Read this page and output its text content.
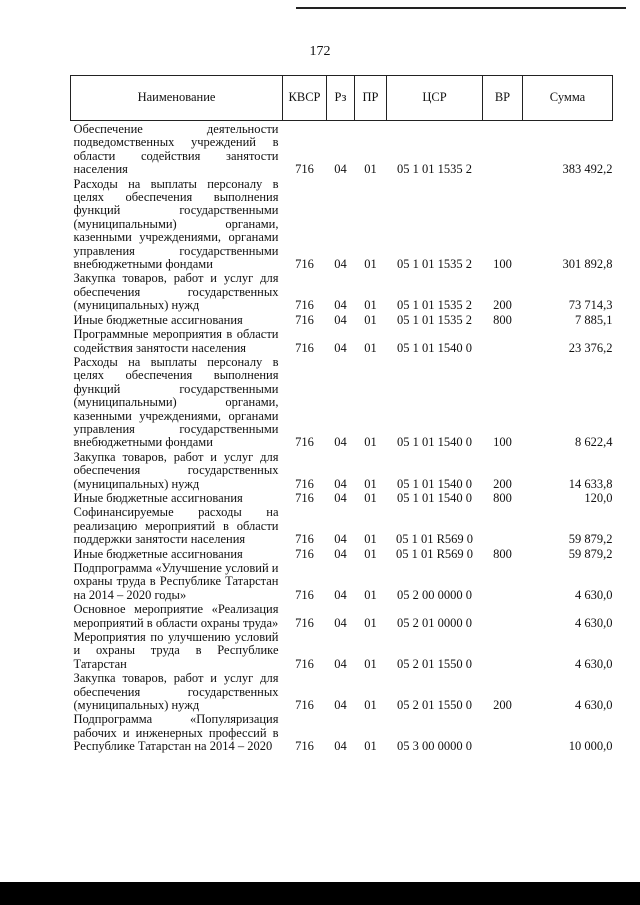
172
Наименование	КВСР	Рз	ПР	ЦСР	ВР	Сумма
Обеспечение деятельности подведомственных учреждений в области содействия занятости населения	716	04	01	05 1 01 1535 2		383 492,2
Расходы на выплаты персоналу в целях обеспечения выполнения функций государственными (муниципальными) органами, казенными учреждениями, органами управления государственными внебюджетными фондами	716	04	01	05 1 01 1535 2	100	301 892,8
Закупка товаров, работ и услуг для обеспечения государственных (муниципальных) нужд	716	04	01	05 1 01 1535 2	200	73 714,3
Иные бюджетные ассигнования	716	04	01	05 1 01 1535 2	800	7 885,1
Программные мероприятия в области содействия занятости населения	716	04	01	05 1 01 1540 0		23 376,2
Расходы на выплаты персоналу в целях обеспечения выполнения функций государственными (муниципальными) органами, казенными учреждениями, органами управления государственными внебюджетными фондами	716	04	01	05 1 01 1540 0	100	8 622,4
Закупка товаров, работ и услуг для обеспечения государственных (муниципальных) нужд	716	04	01	05 1 01 1540 0	200	14 633,8
Иные бюджетные ассигнования	716	04	01	05 1 01 1540 0	800	120,0
Софинансируемые расходы на реализацию мероприятий в области поддержки занятости населения	716	04	01	05 1 01 R569 0		59 879,2
Иные бюджетные ассигнования	716	04	01	05 1 01 R569 0	800	59 879,2
Подпрограмма «Улучшение условий и охраны труда в Республике Татарстан на 2014 – 2020 годы»	716	04	01	05 2 00 0000 0		4 630,0
Основное мероприятие «Реализация мероприятий в области охраны труда»	716	04	01	05 2 01 0000 0		4 630,0
Мероприятия по улучшению условий и охраны труда в Республике Татарстан	716	04	01	05 2 01 1550 0		4 630,0
Закупка товаров, работ и услуг для обеспечения государственных (муниципальных) нужд	716	04	01	05 2 01 1550 0	200	4 630,0
Подпрограмма «Популяризация рабочих и инженерных профессий в Республике Татарстан на 2014 – 2020	716	04	01	05 3 00 0000 0		10 000,0
